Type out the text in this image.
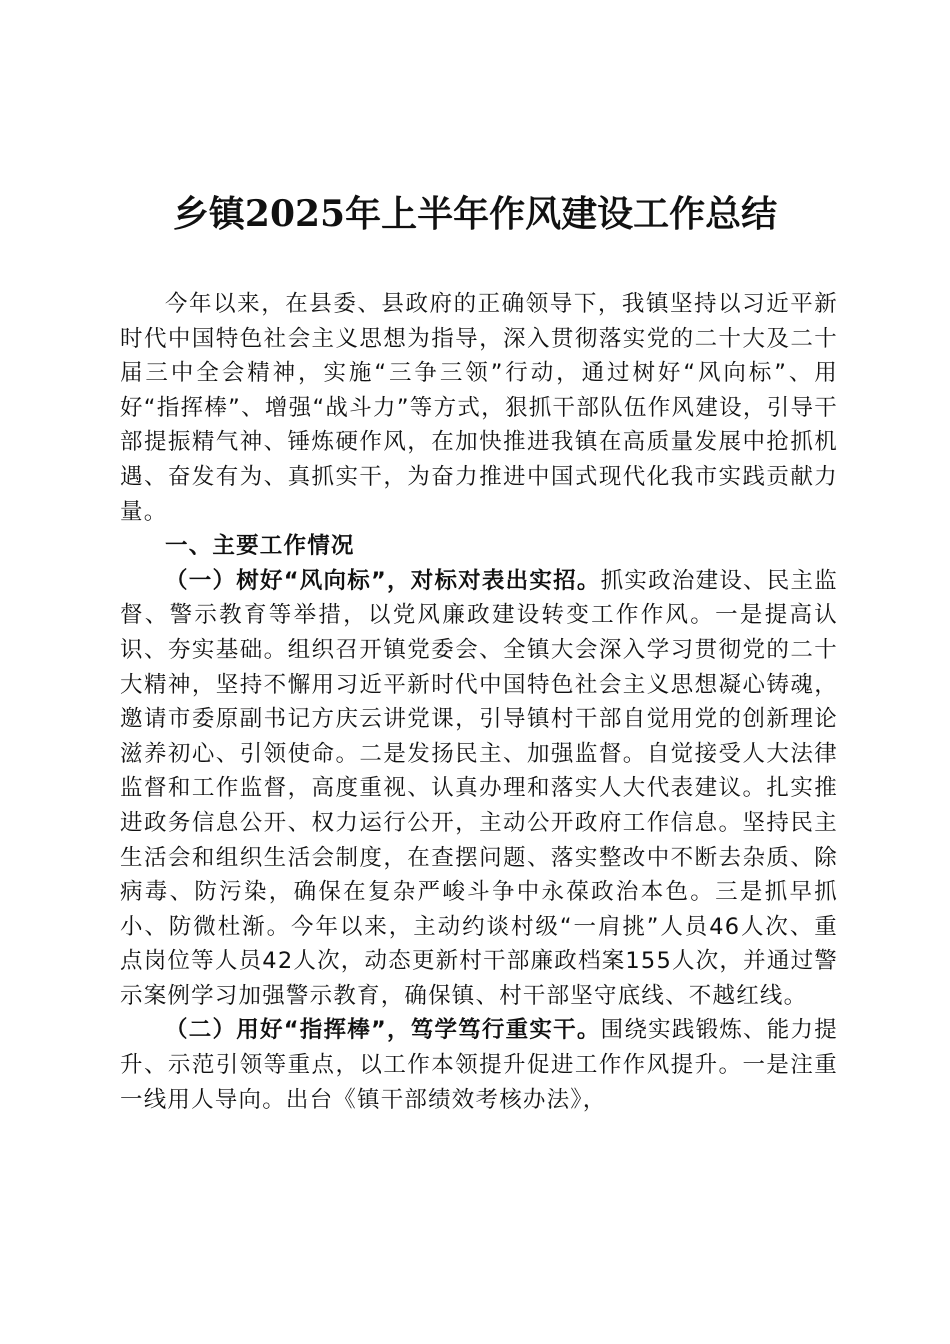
乡镇2025年上半年作风建设工作总结

今年以来，在县委、县政府的正确领导下，我镇坚持以习近平新时代中国特色社会主义思想为指导，深入贯彻落实党的二十大及二十届三中全会精神，实施“三争三领”行动，通过树好“风向标”、用好“指挥棒”、增强“战斗力”等方式，狠抓干部队伍作风建设，引导干部提振精气神、锤炼硬作风，在加快推进我镇在高质量发展中抢抓机遇、奋发有为、真抓实干，为奋力推进中国式现代化我市实践贡献力量。

一、主要工作情况

（一）树好“风向标”，对标对表出实招。抓实政治建设、民主监督、警示教育等举措，以党风廉政建设转变工作作风。一是提高认识、夯实基础。组织召开镇党委会、全镇大会深入学习贯彻党的二十大精神，坚持不懈用习近平新时代中国特色社会主义思想凝心铸魂，邀请市委原副书记方庆云讲党课，引导镇村干部自觉用党的创新理论滋养初心、引领使命。二是发扬民主、加强监督。自觉接受人大法律监督和工作监督，高度重视、认真办理和落实人大代表建议。扎实推进政务信息公开、权力运行公开，主动公开政府工作信息。坚持民主生活会和组织生活会制度，在查摆问题、落实整改中不断去杂质、除病毒、防污染，确保在复杂严峻斗争中永葆政治本色。三是抓早抓小、防微杜渐。今年以来，主动约谈村级“一肩挑”人员46人次、重点岗位等人员42人次，动态更新村干部廉政档案155人次，并通过警示案例学习加强警示教育，确保镇、村干部坚守底线、不越红线。

（二）用好“指挥棒”，笃学笃行重实干。围绕实践锻炼、能力提升、示范引领等重点，以工作本领提升促进工作作风提升。一是注重一线用人导向。出台《镇干部绩效考核办法》，
